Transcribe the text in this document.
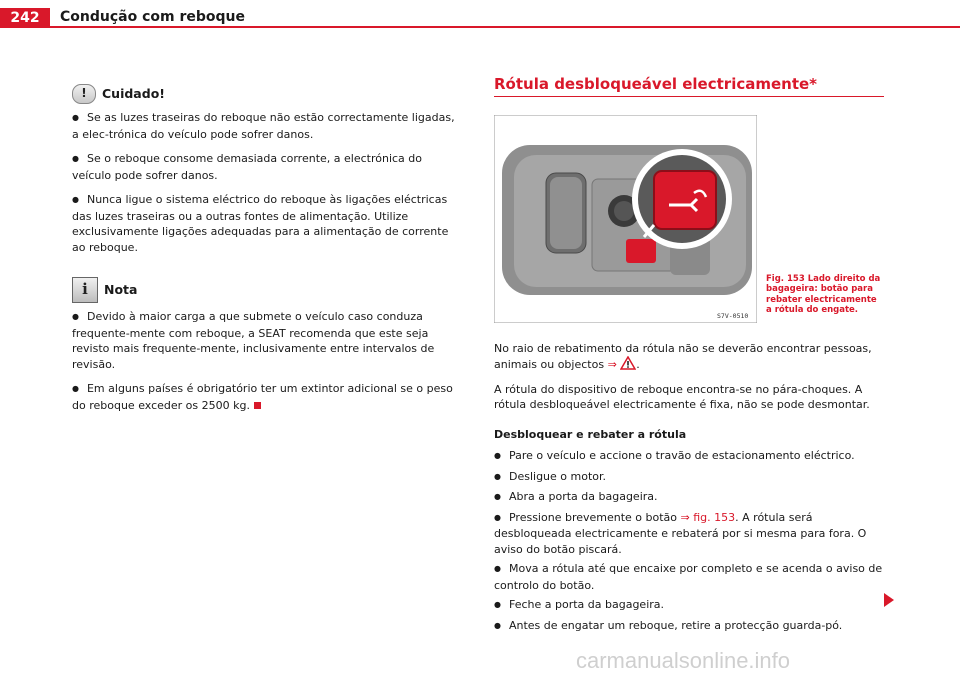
242	Condução com reboque
!	Cuidado!

● Se as luzes traseiras do reboque não estão correctamente ligadas, a elec-trónica do veículo pode sofrer danos.

● Se o reboque consome demasiada corrente, a electrónica do veículo pode sofrer danos.

● Nunca ligue o sistema eléctrico do reboque às ligações eléctricas das luzes traseiras ou a outras fontes de alimentação. Utilize exclusivamente ligações adequadas para a alimentação de corrente ao reboque.

i	Nota

● Devido à maior carga a que submete o veículo caso conduza frequente-mente com reboque, a SEAT recomenda que este seja revisto mais frequente-mente, inclusivamente entre intervalos de revisão.

● Em alguns países é obrigatório ter um extintor adicional se o peso do reboque exceder os 2500 kg.

Rótula desbloqueável electricamente*
S7V-0510
Fig. 153 Lado direito da bagageira: botão para rebater electricamente a rótula do engate.

No raio de rebatimento da rótula não se deverão encontrar pessoas, animais ou objectos ⇒ .

A rótula do dispositivo de reboque encontra-se no pára-choques. A rótula desbloqueável electricamente é fixa, não se pode desmontar.

Desbloquear e rebater a rótula

● Pare o veículo e accione o travão de estacionamento eléctrico.

● Desligue o motor.

● Abra a porta da bagageira.

● Pressione brevemente o botão ⇒ fig. 153. A rótula será desbloqueada electricamente e rebaterá por si mesma para fora. O aviso do botão piscará.

● Mova a rótula até que encaixe por completo e se acenda o aviso de controlo do botão.

● Feche a porta da bagageira.

● Antes de engatar um reboque, retire a protecção guarda-pó.

carmanualsonline.info
